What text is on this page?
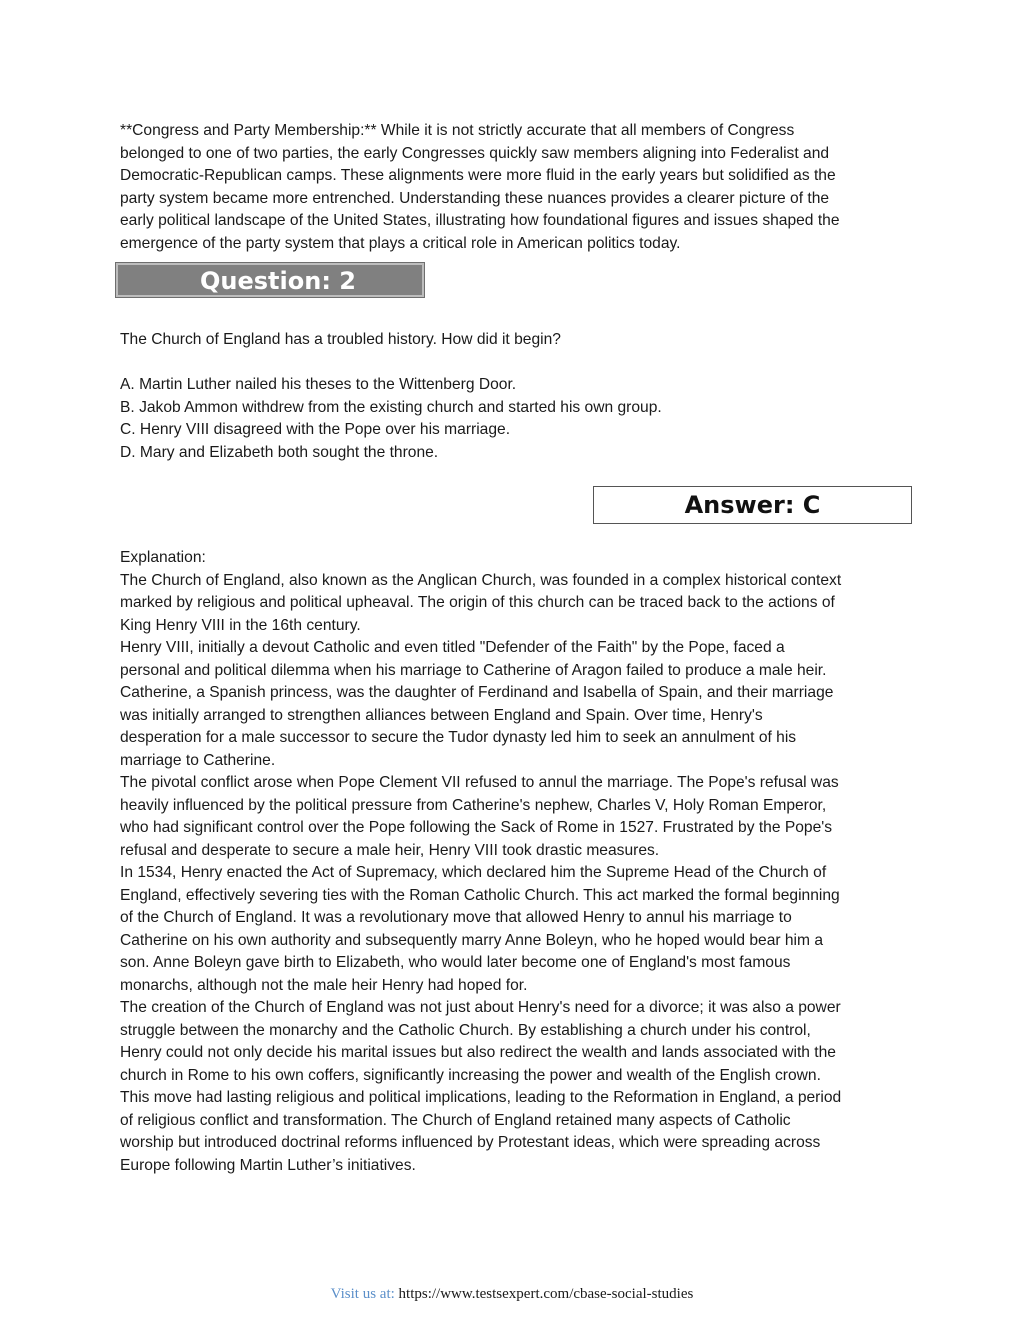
**Congress and Party Membership:** While it is not strictly accurate that all members of Congress

belonged to one of two parties, the early Congresses quickly saw members aligning into Federalist and

Democratic-Republican camps. These alignments were more fluid in the early years but solidified as the

party system became more entrenched. Understanding these nuances provides a clearer picture of the

early political landscape of the United States, illustrating how foundational figures and issues shaped the

emergence of the party system that plays a critical role in American politics today.

Question: 2

The Church of England has a troubled history. How did it begin?

A. Martin Luther nailed his theses to the Wittenberg Door.

B. Jakob Ammon withdrew from the existing church and started his own group.

C. Henry VIII disagreed with the Pope over his marriage.

D. Mary and Elizabeth both sought the throne.

Answer: C

Explanation:

The Church of England, also known as the Anglican Church, was founded in a complex historical context

marked by religious and political upheaval. The origin of this church can be traced back to the actions of

King Henry VIII in the 16th century.

Henry VIII, initially a devout Catholic and even titled "Defender of the Faith" by the Pope, faced a

personal and political dilemma when his marriage to Catherine of Aragon failed to produce a male heir.

Catherine, a Spanish princess, was the daughter of Ferdinand and Isabella of Spain, and their marriage

was initially arranged to strengthen alliances between England and Spain. Over time, Henry's

desperation for a male successor to secure the Tudor dynasty led him to seek an annulment of his

marriage to Catherine.

The pivotal conflict arose when Pope Clement VII refused to annul the marriage. The Pope's refusal was

heavily influenced by the political pressure from Catherine's nephew, Charles V, Holy Roman Emperor,

who had significant control over the Pope following the Sack of Rome in 1527. Frustrated by the Pope's

refusal and desperate to secure a male heir, Henry VIII took drastic measures.

In 1534, Henry enacted the Act of Supremacy, which declared him the Supreme Head of the Church of

England, effectively severing ties with the Roman Catholic Church. This act marked the formal beginning

of the Church of England. It was a revolutionary move that allowed Henry to annul his marriage to

Catherine on his own authority and subsequently marry Anne Boleyn, who he hoped would bear him a

son. Anne Boleyn gave birth to Elizabeth, who would later become one of England's most famous

monarchs, although not the male heir Henry had hoped for.

The creation of the Church of England was not just about Henry's need for a divorce; it was also a power

struggle between the monarchy and the Catholic Church. By establishing a church under his control,

Henry could not only decide his marital issues but also redirect the wealth and lands associated with the

church in Rome to his own coffers, significantly increasing the power and wealth of the English crown.

This move had lasting religious and political implications, leading to the Reformation in England, a period

of religious conflict and transformation. The Church of England retained many aspects of Catholic

worship but introduced doctrinal reforms influenced by Protestant ideas, which were spreading across

Europe following Martin Luther’s initiatives.

Visit us at: https://www.testsexpert.com/cbase-social-studies
